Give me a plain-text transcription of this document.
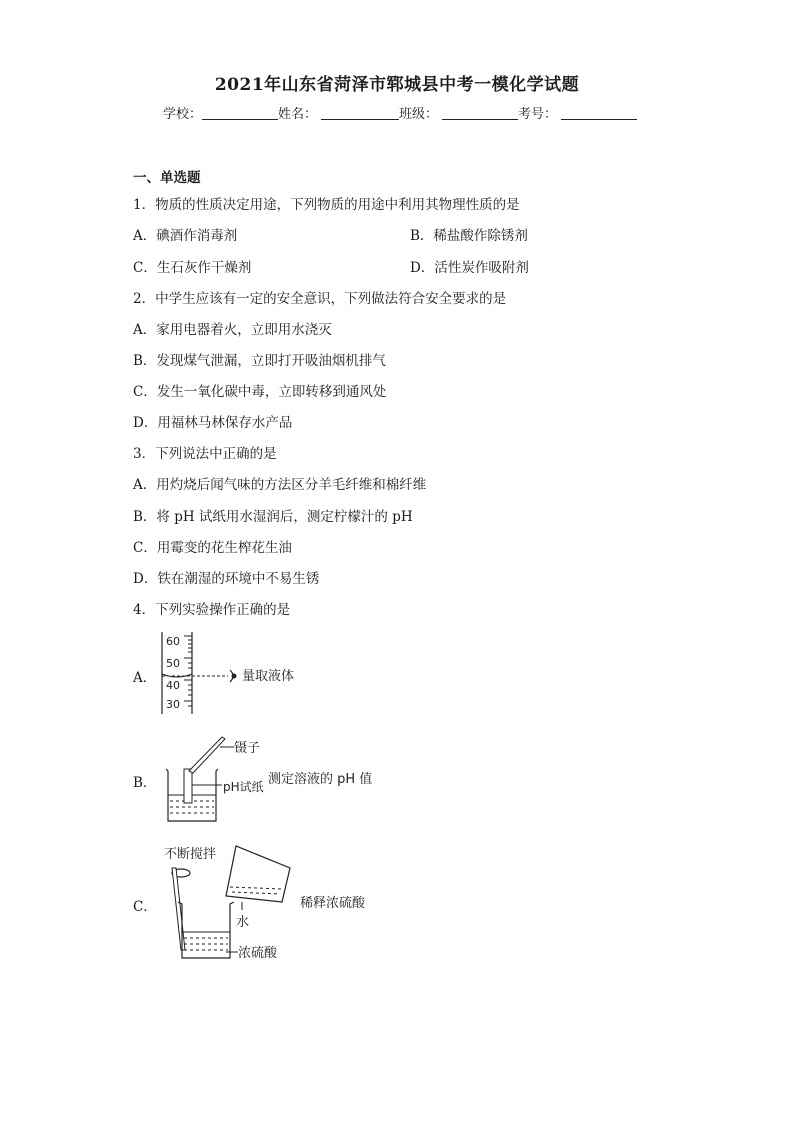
2021年山东省菏泽市郓城县中考一模化学试题
学校：	姓名：	班级：	考号：
一、单选题
1．物质的性质决定用途，下列物质的用途中利用其物理性质的是
A．碘酒作消毒剂	B．稀盐酸作除锈剂
C．生石灰作干燥剂	D．活性炭作吸附剂
2．中学生应该有一定的安全意识，下列做法符合安全要求的是
A．家用电器着火，立即用水浇灭
B．发现煤气泄漏，立即打开吸油烟机排气
C．发生一氧化碳中毒，立即转移到通风处
D．用福林马林保存水产品
3．下列说法中正确的是
A．用灼烧后闻气味的方法区分羊毛纤维和棉纤维
B．将 pH 试纸用水湿润后，测定柠檬汁的 pH
C．用霉变的花生榨花生油
D．铁在潮湿的环境中不易生锈
4．下列实验操作正确的是
A．
60
50
40
30
量取液体
B．
镊子
pH试纸 测定溶液的 pH 值
C．
不断搅拌
水
浓硫酸
稀释浓硫酸
